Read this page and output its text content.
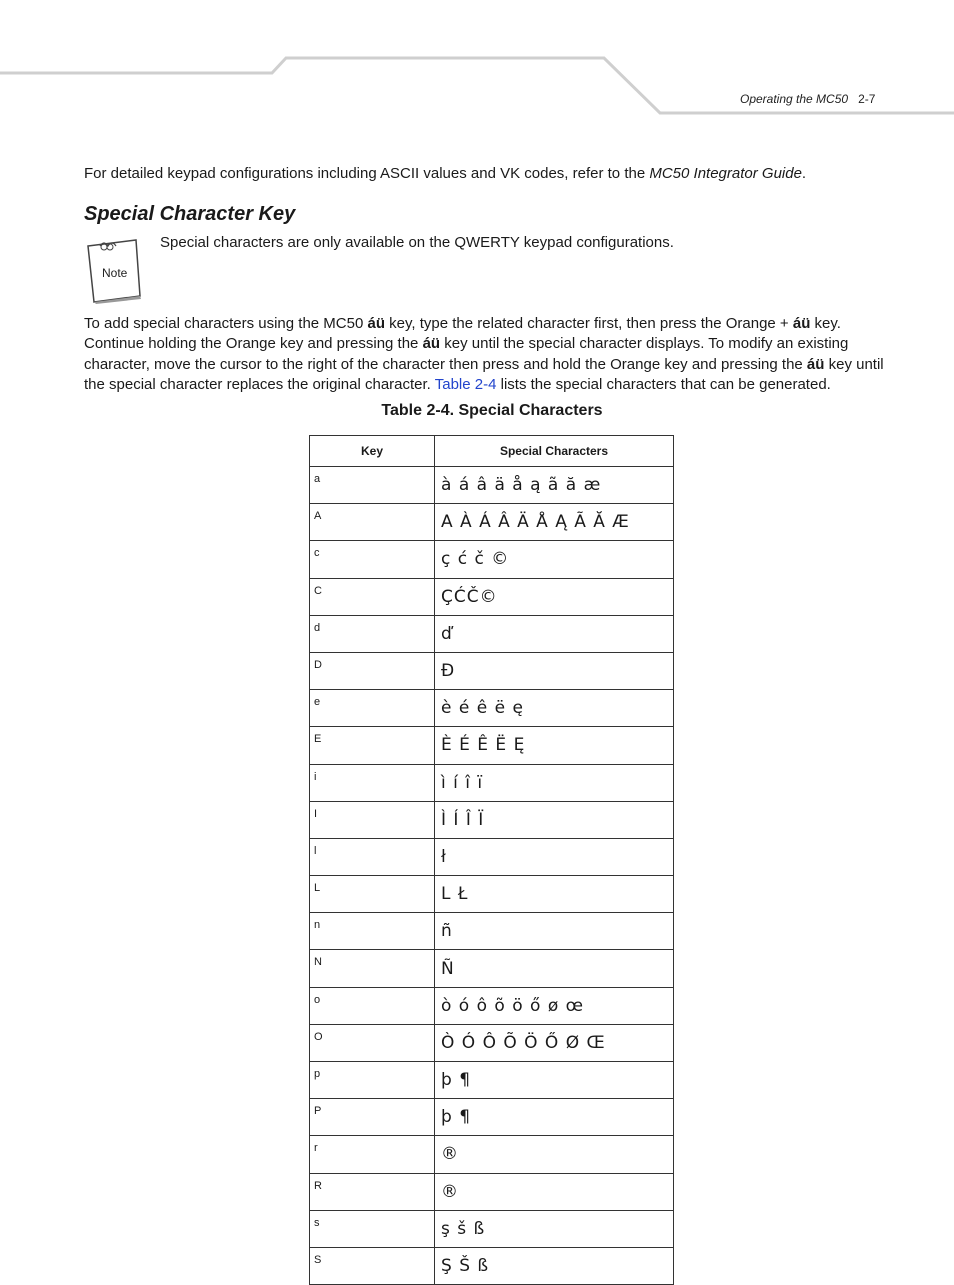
Operating the MC50 2-7
For detailed keypad configurations including ASCII values and VK codes, refer to the MC50 Integrator Guide.
Special Character Key
Note
Special characters are only available on the QWERTY keypad configurations.
To add special characters using the MC50 áü key, type the related character first, then press the Orange + áü key. Continue holding the Orange key and pressing the áü key until the special character displays. To modify an existing character, move the cursor to the right of the character then press and hold the Orange key and pressing the áü key until the special character replaces the original character. Table 2-4 lists the special characters that can be generated.
Table 2-4. Special Characters
Key	Special Characters
a	à á â ä å ą ã ă æ
A	A À Á Â Ä Å Ą Ã Ă Æ
c	ç ć č ©
C	ÇĆČ©
d	ď
D	Đ
e	è é ê ë ę
E	È É Ê Ë Ę
i	ì í î ï
I	Ì Í Î Ï
l	ł
L	L Ł
n	ñ
N	Ñ
o	ò ó ô õ ö ő ø œ
O	Ò Ó Ô Õ Ö Ő Ø Œ
p	þ ¶
P	þ ¶
r	®
R	®
s	ş š ß
S	Ş Š ß
